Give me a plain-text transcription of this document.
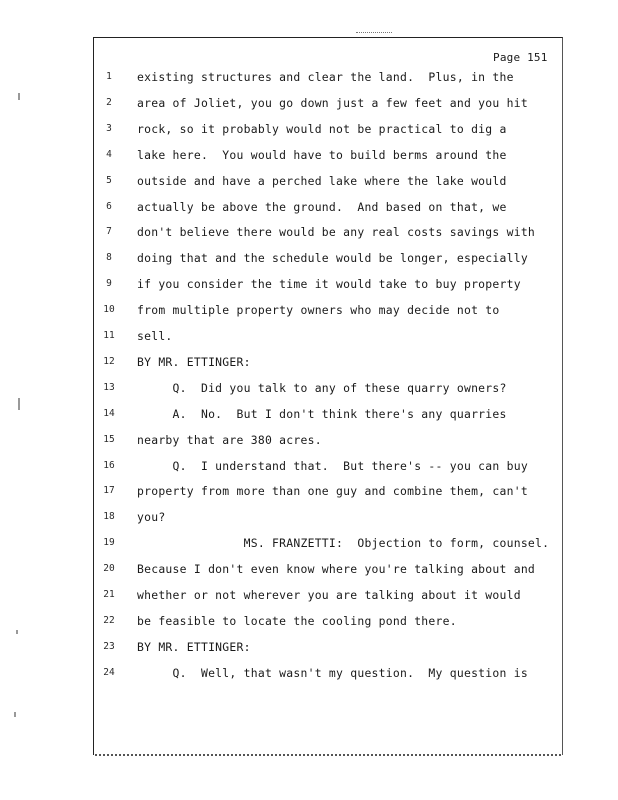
Page 151
1	existing structures and clear the land.  Plus, in the
2	area of Joliet, you go down just a few feet and you hit
3	rock, so it probably would not be practical to dig a
4	lake here.  You would have to build berms around the
5	outside and have a perched lake where the lake would
6	actually be above the ground.  And based on that, we
7	don't believe there would be any real costs savings with
8	doing that and the schedule would be longer, especially
9	if you consider the time it would take to buy property
10	from multiple property owners who may decide not to
11	sell.
12	BY MR. ETTINGER:
13	Q.  Did you talk to any of these quarry owners?
14	A.  No.  But I don't think there's any quarries
15	nearby that are 380 acres.
16	Q.  I understand that.  But there's -- you can buy
17	property from more than one guy and combine them, can't
18	you?
19	MS. FRANZETTI:  Objection to form, counsel.
20	Because I don't even know where you're talking about and
21	whether or not wherever you are talking about it would
22	be feasible to locate the cooling pond there.
23	BY MR. ETTINGER:
24	Q.  Well, that wasn't my question.  My question is
